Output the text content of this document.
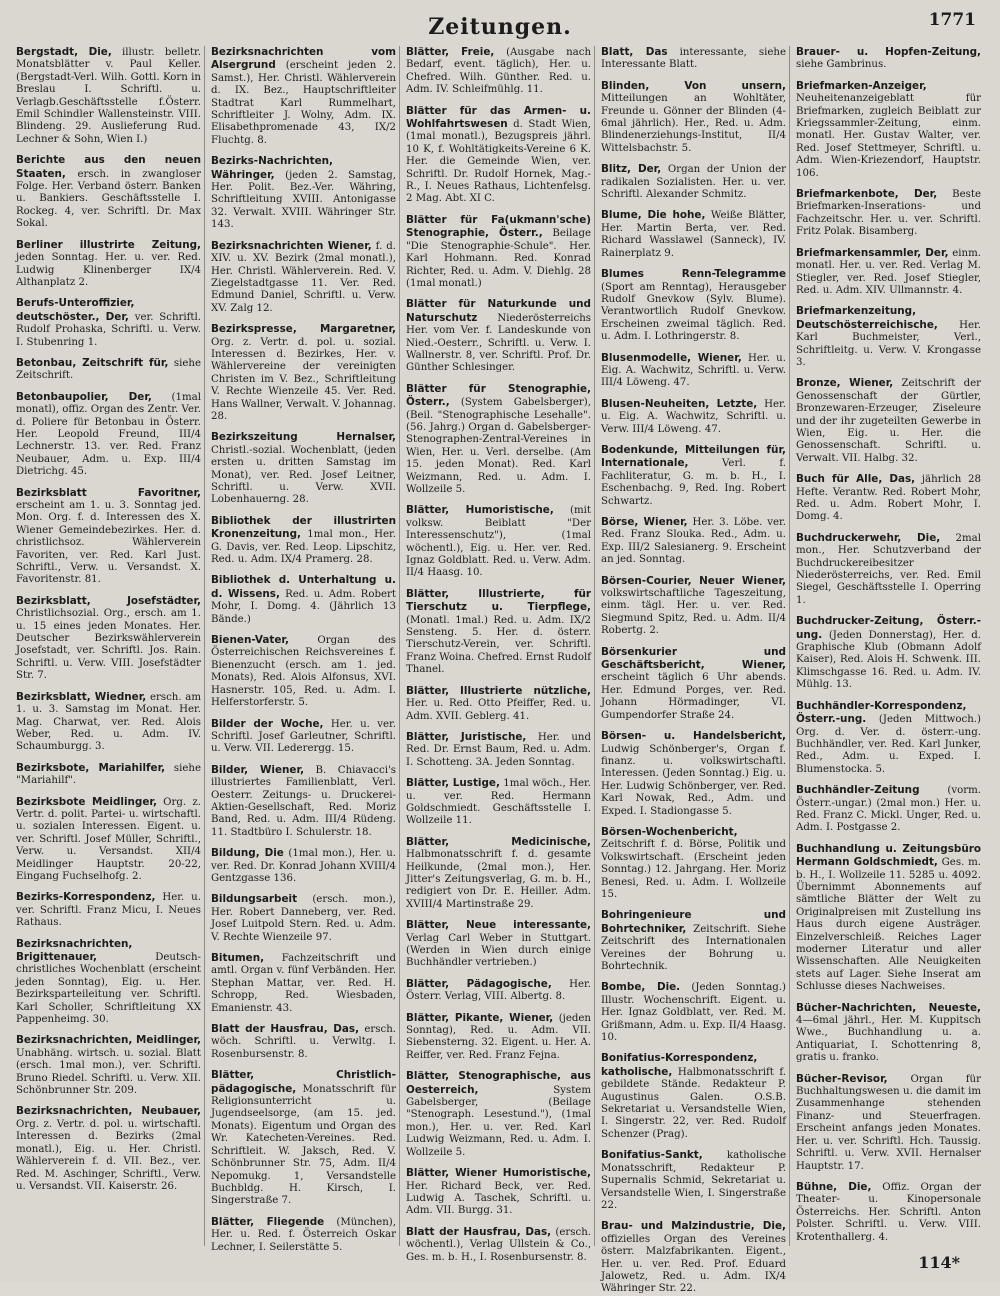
Zeitungen.	1771
Bergstadt, Die, illustr. belletr. Monatsblätter v. Paul Keller. (Bergstadt-Verl. Wilh. Gottl. Korn in Breslau I. Schriftl. u. Verlagb.Geschäftsstelle f.Österr. Emil Schindler Wallensteinstr. VIII. Blindeng. 29. Auslieferung Rud. Lechner & Sohn, Wien I.)
Berichte aus den neuen Staaten, ersch. in zwangloser Folge. Her. Verband österr. Banken u. Bankiers. Geschäftsstelle I. Rockeg. 4, ver. Schriftl. Dr. Max Sokal.
Berliner illustrirte Zeitung, jeden Sonntag. Her. u. ver. Red. Ludwig Klinenberger IX/4 Althanplatz 2.
Berufs-Unteroffizier, deutschöster., Der, ver. Schriftl. Rudolf Prohaska, Schriftl. u. Verw. I. Stubenring 1.
Betonbau, Zeitschrift für, siehe Zeitschrift.
Betonbaupolier, Der, (1mal monatl), offiz. Organ des Zentr. Ver. d. Poliere für Betonbau in Österr. Her. Leopold Freund, III/4 Lechnerstr. 13. ver. Red. Franz Neubauer, Adm. u. Exp. III/4 Dietrichg. 45.
Bezirksblatt Favoritner, erscheint am 1. u. 3. Sonntag jed. Mon. Org. f. d. Interessen des X. Wiener Gemeindebezirkes. Her. d. christlichsoz. Wählerverein Favoriten, ver. Red. Karl Just. Schriftl., Verw. u. Versandst. X. Favoritenstr. 81.
Bezirksblatt, Josefstädter, Christlichsozial. Org., ersch. am 1. u. 15 eines jeden Monates. Her. Deutscher Bezirkswählerverein Josefstadt, ver. Schriftl. Jos. Rain. Schriftl. u. Verw. VIII. Josefstädter Str. 7.
Bezirksblatt, Wiedner, ersch. am 1. u. 3. Samstag im Monat. Her. Mag. Charwat, ver. Red. Alois Weber, Red. u. Adm. IV. Schaumburgg. 3.
Bezirksbote, Mariahilfer, siehe "Mariahilf".
Bezirksbote Meidlinger, Org. z. Vertr. d. polit. Partei- u. wirtschaftl. u. sozialen Interessen. Eigent. u. ver. Schriftl. Josef Müller, Schriftl., Verw. u. Versandst. XII/4 Meidlinger Hauptstr. 20-22, Eingang Fuchselhofg. 2.
Bezirks-Korrespondenz, Her. u. ver. Schriftl. Franz Micu, I. Neues Rathaus.
Bezirksnachrichten, Brigittenauer,	Deutsch-christliches Wochenblatt (erscheint jeden Sonntag), Eig. u. Her. Bezirksparteileitung ver. Schriftl. Karl Scholler, Schriftleitung XX Pappenheimg. 30.
Bezirksnachrichten, Meidlinger, Unabhäng. wirtsch. u. sozial. Blatt (ersch. 1mal mon.), ver. Schriftl. Bruno Riedel. Schriftl. u. Verw. XII. Schönbrunner Str. 209.
Bezirksnachrichten, Neubauer, Org. z. Vertr. d. pol. u. wirtschaftl. Interessen d. Bezirks (2mal monatl.), Eig. u. Her. Christl. Wählerverein f. d. VII. Bez., ver. Red. M. Aschinger, Schriftl., Verw. u. Versandst. VII. Kaiserstr. 26.
Bezirksnachrichten vom Alsergrund (erscheint jeden 2. Samst.), Her. Christl. Wählerverein d. IX. Bez., Hauptschriftleiter Stadtrat Karl Rummelhart, Schriftleiter J. Wolny, Adm. IX. Elisabethpromenade 43, IX/2 Fluchtg. 8.
Bezirks-Nachrichten, Währinger, (jeden 2. Samstag, Her. Polit. Bez.-Ver. Währing, Schriftleitung XVIII. Antonigasse 32. Verwalt. XVIII. Währinger Str. 143.
Bezirksnachrichten Wiener, f. d. XIV. u. XV. Bezirk (2mal monatl.), Her. Christl. Wählerverein. Red. V. Ziegelstadtgasse 11. Ver. Red. Edmund Daniel, Schriftl. u. Verw. XV. Zalg 12.
Bezirkspresse, Margaretner, Org. z. Vertr. d. pol. u. sozial. Interessen d. Bezirkes, Her. v. Wählervereine der vereinigten Christen im V. Bez., Schriftleitung V. Rechte Wienzeile 45. Ver. Red. Hans Wallner, Verwalt. V. Johannag. 28.
Bezirkszeitung Hernalser, Christl.-sozial. Wochenblatt, (jeden ersten u. dritten Samstag im Monat), ver. Red. Josef Leitner, Schriftl. u. Verw. XVII. Lobenhauerng. 28.
Bibliothek der illustrirten Kronenzeitung, 1mal mon., Her. G. Davis, ver. Red. Leop. Lipschitz, Red. u. Adm. IX/4 Pramerg. 28.
Bibliothek d. Unterhaltung u. d. Wissens, Red. u. Adm. Robert Mohr, I. Domg. 4. (Jährlich 13 Bände.)
Bienen-Vater,	Organ des Österreichischen Reichsvereines f. Bienenzucht (ersch. am 1. jed. Monats), Red. Alois Alfonsus, XVI. Hasnerstr. 105, Red. u. Adm. I. Helferstorferstr. 5.
Bilder der Woche, Her. u. ver. Schriftl. Josef Garleutner, Schriftl. u. Verw. VII. Lederergg. 15.
Bilder, Wiener, B. Chiavacci's illustriertes Familienblatt, Verl. Oesterr. Zeitungs- u. Druckerei-Aktien-Gesellschaft, Red. Moriz Band, Red. u. Adm. III/4 Rüdeng. 11. Stadtbüro I. Schulerstr. 18.
Bildung, Die (1mal mon.), Her. u. ver. Red. Dr. Konrad Johann XVIII/4 Gentzgasse 136.
Bildungsarbeit (ersch. mon.), Her. Robert Danneberg, ver. Red. Josef Luitpold Stern. Red. u. Adm. V. Rechte Wienzeile 97.
Bitumen, Fachzeitschrift und amtl. Organ v. fünf Verbänden. Her. Stephan Mattar, ver. Red. H. Schropp, Red. Wiesbaden, Emanienstr. 43.
Blatt der Hausfrau, Das, ersch. wöch. Schriftl. u. Verwltg. I. Rosenbursenstr. 8.
Blätter, Christlich-pädagogische, Monatsschrift für Religionsunterricht u. Jugendseelsorge, (am 15. jed. Monats). Eigentum und Organ des Wr. Katecheten-Vereines. Red. Schriftleit. W. Jaksch, Red. V. Schönbrunner Str. 75, Adm. II/4 Nepomukg. 1, Versandstelle Buchbldg. H. Kirsch, I. Singerstraße 7.
Blätter, Fliegende (München), Her. u. Red. f. Österreich Oskar Lechner, I. Seilerstätte 5.
Blätter, Freie, (Ausgabe nach Bedarf, event. täglich), Her. u. Chefred. Wilh. Günther. Red. u. Adm. IV. Schleifmühlg. 11.
Blätter für das Armen- u. Wohlfahrtswesen d. Stadt Wien, (1mal monatl.), Bezugspreis jährl. 10 K, f. Wohltätigkeits-Vereine 6 K. Her. die Gemeinde Wien, ver. Schriftl. Dr. Rudolf Hornek, Mag.-R., I. Neues Rathaus, Lichtenfelsg. 2 Mag. Abt. XI C.
Blätter für Fa(ukmann'sche) Stenographie, Österr., Beilage "Die Stenographie-Schule". Her. Karl Hohmann. Red. Konrad Richter, Red. u. Adm. V. Diehlg. 28 (1mal monatl.)
Blätter für Naturkunde und Naturschutz Niederösterreichs Her. vom Ver. f. Landeskunde von Nied.-Oesterr., Schriftl. u. Verw. I. Wallnerstr. 8, ver. Schriftl. Prof. Dr. Günther Schlesinger.
Blätter für Stenographie, Österr., (System Gabelsberger), (Beil. "Stenographische Lesehalle". (56. Jahrg.) Organ d. Gabelsberger-Stenographen-Zentral-Vereines in Wien, Her. u. Verl. derselbe. (Am 15. jeden Monat). Red. Karl Weizmann, Red. u. Adm. I. Wollzeile 5.
Blätter, Humoristische, (mit volksw. Beiblatt "Der Interessenschutz"), (1mal wöchentl.), Eig. u. Her. ver. Red. Ignaz Goldblatt. Red. u. Verw. Adm. II/4 Haasg. 10.
Blätter, Illustrierte, für Tierschutz u. Tierpflege, (Monatl. 1mal.) Red. u. Adm. IX/2 Sensteng. 5. Her. d. österr. Tierschutz-Verein, ver. Schriftl. Franz Woina. Chefred. Ernst Rudolf Thanel.
Blätter, Illustrierte nützliche, Her. u. Red. Otto Pfeiffer, Red. u. Adm. XVII. Geblerg. 41.
Blätter, Juristische, Her. und Red. Dr. Ernst Baum, Red. u. Adm. I. Schotteng. 3A. Jeden Sonntag.
Blätter, Lustige, 1mal wöch., Her. u. ver. Red. Hermann Goldschmiedt. Geschäftsstelle I. Wollzeile 11.
Blätter, Medicinische, Halbmonatsschrift f. d. gesamte Heilkunde, (2mal mon.), Her. Jitter's Zeitungsverlag, G. m. b. H., redigiert von Dr. E. Heiller. Adm. XVIII/4 Martinstraße 29.
Blätter, Neue interessante, Verlag Carl Weber in Stuttgart. (Werden in Wien durch einige Buchhändler vertrieben.)
Blätter, Pädagogische, Her. Österr. Verlag, VIII. Albertg. 8.
Blätter, Pikante, Wiener, (jeden Sonntag), Red. u. Adm. VII. Siebensterng. 32. Eigent. u. Her. A. Reiffer, ver. Red. Franz Fejna.
Blätter, Stenographische, aus Oesterreich,	System Gabelsberger, (Beilage "Stenograph. Lesestund."), (1mal mon.), Her. u. ver. Red. Karl Ludwig Weizmann, Red. u. Adm. I. Wollzeile 5.
Blätter, Wiener Humoristische, Her. Richard Beck, ver. Red. Ludwig A. Taschek, Schriftl. u. Adm. VII. Burgg. 31.
Blatt der Hausfrau, Das, (ersch. wöchentl.), Verlag Ullstein & Co., Ges. m. b. H., I. Rosenbursenstr. 8.
Blatt, Das interessante, siehe Interessante Blatt.
Blinden, Von unsern, Mitteilungen an Wohltäter, Freunde u. Gönner der Blinden (4-6mal jährlich). Her., Red. u. Adm. Blindenerziehungs-Institut, II/4 Wittelsbachstr. 5.
Blitz, Der, Organ der Union der radikalen Sozialisten. Her. u. ver. Schriftl. Alexander Schmitz.
Blume, Die hohe, Weiße Blätter, Her. Martin Berta, ver. Red. Richard Wasslawel (Sanneck), IV. Rainerplatz 9.
Blumes Renn-Telegramme (Sport am Renntag), Herausgeber Rudolf Gnevkow (Sylv. Blume). Verantwortlich Rudolf Gnevkow. Erscheinen zweimal täglich. Red. u. Adm. I. Lothringerstr. 8.
Blusenmodelle, Wiener, Her. u. Eig. A. Wachwitz, Schriftl. u. Verw. III/4 Löweng. 47.
Blusen-Neuheiten, Letzte, Her. u. Eig. A. Wachwitz, Schriftl. u. Verw. III/4 Löweng. 47.
Bodenkunde, Mitteilungen für, Internationale,	Verl. f. Fachliteratur, G. m. b. H., I. Eschenbachg. 9, Red. Ing. Robert Schwartz.
Börse, Wiener, Her. 3. Löbe. ver. Red. Franz Slouka. Red., Adm. u. Exp. III/2 Salesianerg. 9. Erscheint an jed. Sonntag.
Börsen-Courier, Neuer Wiener, volkswirtschaftliche Tageszeitung, einm. tägl. Her. u. ver. Red. Siegmund Spitz, Red. u. Adm. II/4 Robertg. 2.
Börsenkurier und Geschäftsbericht, Wiener, erscheint täglich 6 Uhr abends. Her. Edmund Porges, ver. Red. Johann Hörmadinger, VI. Gumpendorfer Straße 24.
Börsen- u. Handelsbericht, Ludwig Schönberger's, Organ f. finanz. u. volkswirtschaftl. Interessen. (Jeden Sonntag.) Eig. u. Her. Ludwig Schönberger, ver. Red. Karl Nowak, Red., Adm. und Exped. I. Stadiongasse 5.
Börsen-Wochenbericht, Zeitschrift f. d. Börse, Politik und Volkswirtschaft. (Erscheint jeden Sonntag.) 12. Jahrgang. Her. Moriz Benesi, Red. u. Adm. I. Wollzeile 15.
Bohringenieure und Bohrtechniker, Zeitschrift. Siehe Zeitschrift des Internationalen Vereines der Bohrung u. Bohrtechnik.
Bombe, Die. (Jeden Sonntag.) Illustr. Wochenschrift. Eigent. u. Her. Ignaz Goldblatt, ver. Red. M. Grißmann, Adm. u. Exp. II/4 Haasg. 10.
Bonifatius-Korrespondenz, katholische, Halbmonatsschrift f. gebildete Stände. Redakteur P. Augustinus Galen. O.S.B. Sekretariat u. Versandstelle Wien, I. Singerstr. 22, ver. Red. Rudolf Schenzer (Prag).
Bonifatius-Sankt, katholische Monatsschrift, Redakteur P. Supernalis Schmid, Sekretariat u. Versandstelle Wien, I. Singerstraße 22.
Brau- und Malzindustrie, Die, offizielles Organ des Vereines österr. Malzfabrikanten. Eigent., Her. u. ver. Red. Prof. Eduard Jalowetz, Red. u. Adm. IX/4 Währinger Str. 22.
Brauer- u. Hopfen-Zeitung, siehe Gambrinus.
Briefmarken-Anzeiger, Neuheitenanzeigeblatt für Briefmarken, zugleich Beiblatt zur Kriegssammler-Zeitung, einm. monatl. Her. Gustav Walter, ver. Red. Josef Stettmeyer, Schriftl. u. Adm. Wien-Kriezendorf, Hauptstr. 106.
Briefmarkenbote, Der, Beste Briefmarken-Inserations- und Fachzeitschr. Her. u. ver. Schriftl. Fritz Polak. Bisamberg.
Briefmarkensammler, Der, einm. monatl. Her. u. ver. Red. Verlag M. Stiegler, ver. Red. Josef Stiegler, Red. u. Adm. XIV. Ullmannstr. 4.
Briefmarkenzeitung, Deutschösterreichische, Her. Karl Buchmeister, Verl., Schriftleitg. u. Verw. V. Krongasse 3.
Bronze, Wiener, Zeitschrift der Genossenschaft der Gürtler, Bronzewaren-Erzeuger, Ziseleure und der ihr zugeteilten Gewerbe in Wien, Eig. u. Her. die Genossenschaft. Schriftl. u. Verwalt. VII. Halbg. 32.
Buch für Alle, Das, jährlich 28 Hefte. Verantw. Red. Robert Mohr, Red. u. Adm. Robert Mohr, I. Domg. 4.
Buchdruckerwehr, Die, 2mal mon., Her. Schutzverband der Buchdruckereibesitzer Niederösterreichs, ver. Red. Emil Siegel, Geschäftsstelle I. Operring 1.
Buchdrucker-Zeitung, Österr.-ung. (Jeden Donnerstag), Her. d. Graphische Klub (Obmann Adolf Kaiser), Red. Alois H. Schwenk. III. Klimschgasse 16. Red. u. Adm. IV. Mühlg. 13.
Buchhändler-Korrespondenz, Österr.-ung. (Jeden Mittwoch.) Org. d. Ver. d. österr.-ung. Buchhändler, ver. Red. Karl Junker, Red., Adm. u. Exped. I. Blumenstocka. 5.
Buchhändler-Zeitung	(vorm. Österr.-ungar.) (2mal mon.) Her. u. Red. Franz C. Mickl. Unger, Red. u. Adm. I. Postgasse 2.
Buchhandlung u. Zeitungsbüro Hermann Goldschmiedt, Ges. m. b. H., I. Wollzeile 11. 5285 u. 4092. Übernimmt Abonnements auf sämtliche Blätter der Welt zu Originalpreisen mit Zustellung ins Haus durch eigene Austräger. Einzelverschleiß. Reiches Lager moderner Literatur und aller Wissenschaften. Alle Neuigkeiten stets auf Lager. Siehe Inserat am Schlusse dieses Nachweises.
Bücher-Nachrichten, Neueste, 4—6mal jährl., Her. M. Kuppitsch Wwe., Buchhandlung u. a. Antiquariat, I. Schottenring 8, gratis u. franko.
Bücher-Revisor, Organ für Buchhaltungswesen u. die damit im Zusammenhange stehenden Finanz- und Steuerfragen. Erscheint anfangs jeden Monates. Her. u. ver. Schriftl. Hch. Taussig. Schriftl. u. Verw. XVII. Hernalser Hauptstr. 17.
Bühne, Die, Offiz. Organ der Theater- u. Kinopersonale Österreichs. Her. Schriftl. Anton Polster. Schriftl. u. Verw. VIII. Krotenthallerg. 4.
114*
